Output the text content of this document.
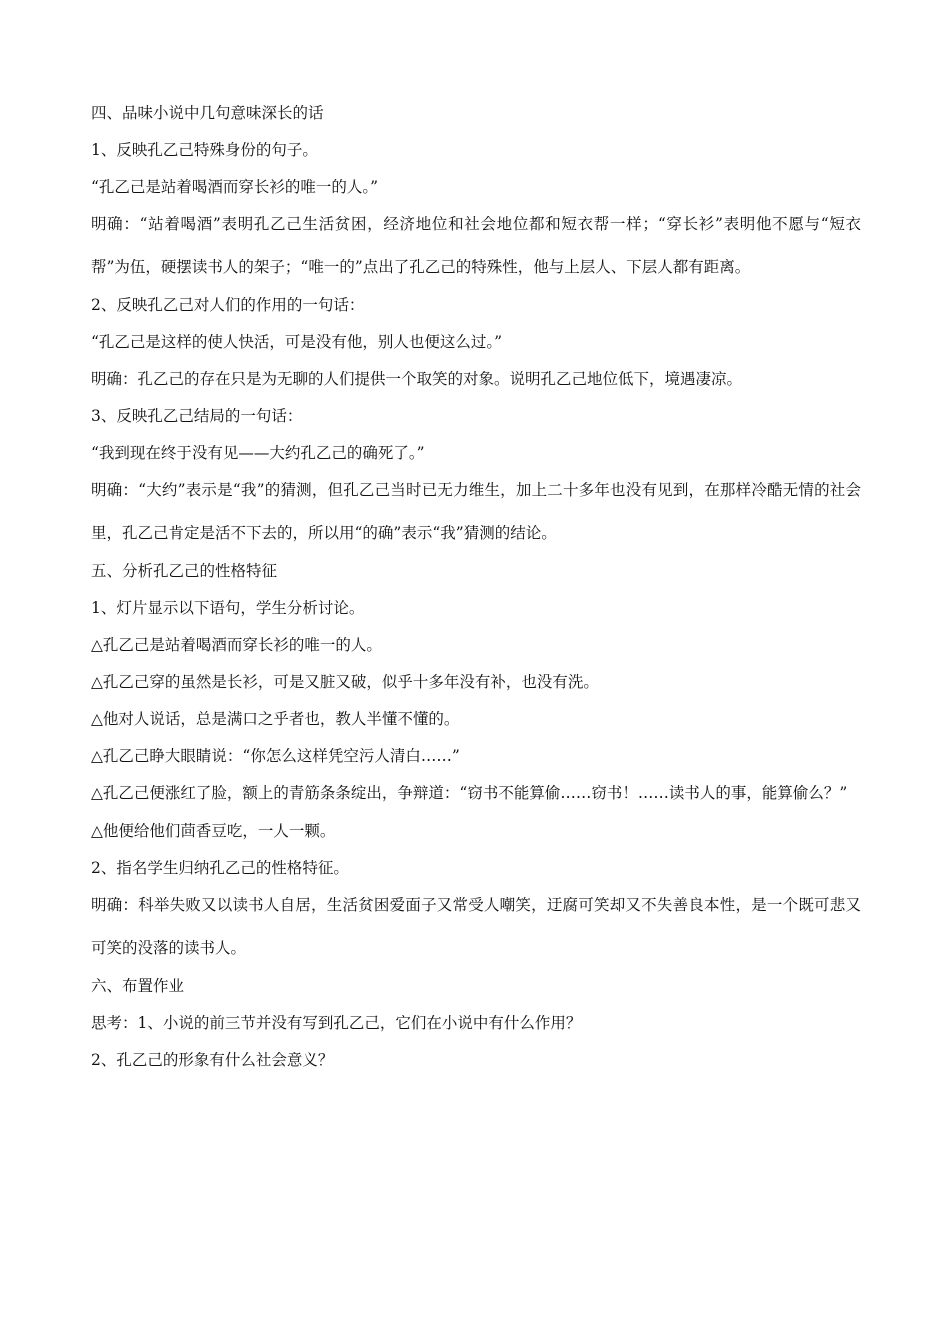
四、品味小说中几句意味深长的话

1、反映孔乙己特殊身份的句子。

“孔乙己是站着喝酒而穿长衫的唯一的人。”

明确：“站着喝酒”表明孔乙己生活贫困，经济地位和社会地位都和短衣帮一样；“穿长衫”表明他不愿与“短衣帮”为伍，硬摆读书人的架子；“唯一的”点出了孔乙己的特殊性，他与上层人、下层人都有距离。

2、反映孔乙己对人们的作用的一句话：

“孔乙己是这样的使人快活，可是没有他，别人也便这么过。”

明确：孔乙己的存在只是为无聊的人们提供一个取笑的对象。说明孔乙己地位低下，境遇凄凉。

3、反映孔乙己结局的一句话：

“我到现在终于没有见——大约孔乙己的确死了。”

明确：“大约”表示是“我”的猜测，但孔乙己当时已无力维生，加上二十多年也没有见到，在那样冷酷无情的社会里，孔乙己肯定是活不下去的，所以用“的确”表示“我”猜测的结论。

五、分析孔乙己的性格特征

1、灯片显示以下语句，学生分析讨论。

△孔乙己是站着喝酒而穿长衫的唯一的人。

△孔乙己穿的虽然是长衫，可是又脏又破，似乎十多年没有补，也没有洗。

△他对人说话，总是满口之乎者也，教人半懂不懂的。

△孔乙己睁大眼睛说：“你怎么这样凭空污人清白……”

△孔乙己便涨红了脸，额上的青筋条条绽出，争辩道：“窃书不能算偷……窃书！……读书人的事，能算偷么？”

△他便给他们茴香豆吃，一人一颗。

2、指名学生归纳孔乙己的性格特征。

明确：科举失败又以读书人自居，生活贫困爱面子又常受人嘲笑，迂腐可笑却又不失善良本性，是一个既可悲又可笑的没落的读书人。

六、布置作业

思考：1、小说的前三节并没有写到孔乙己，它们在小说中有什么作用？

2、孔乙己的形象有什么社会意义？
